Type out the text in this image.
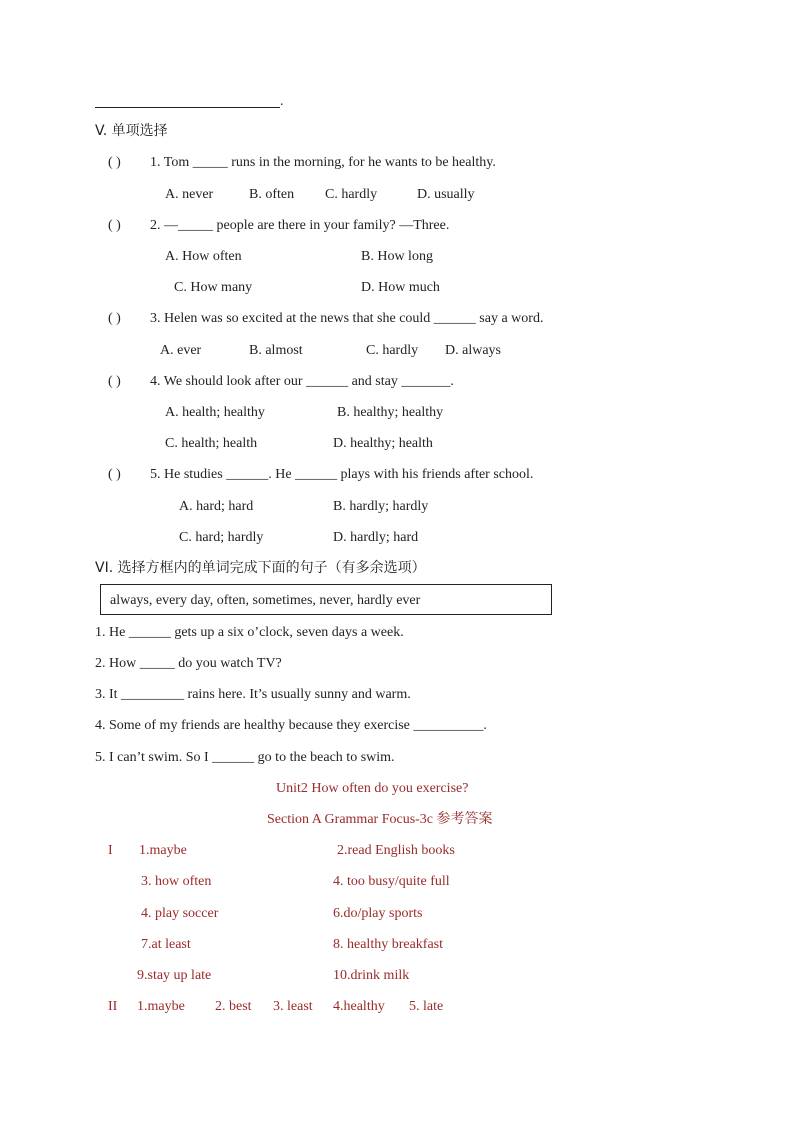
.
V. 单项选择
( ) 1. Tom _____ runs in the morning, for he wants to be healthy.
A. never	B. often C. hardly	D. usually
( ) 2. —_____ people are there in your family? —Three.
A. How often	B. How long
C. How many	D. How much
( ) 3. Helen was so excited at the news that she could ______ say a word.
A. ever	B. almost	C. hardly D. always
( ) 4. We should look after our ______ and stay _______.
A. health; healthy	B. healthy; healthy
C. health; health	D. healthy; health
( ) 5. He studies ______. He ______ plays with his friends after school.
A. hard; hard	B. hardly; hardly
C. hard; hardly	D. hardly; hard
VI. 选择方框内的单词完成下面的句子（有多余选项）
always, every day, often, sometimes, never, hardly ever
1. He ______ gets up a six o’clock, seven days a week.
2. How _____ do you watch TV?
3. It _________ rains here. It’s usually sunny and warm.
4. Some of my friends are healthy because they exercise __________.
5. I can’t swim. So I ______ go to the beach to swim.
Unit2 How often do you exercise?
Section A Grammar Focus-3c 参考答案
I 1.maybe	2.read English books
3. how often	4. too busy/quite full
4. play soccer	6.do/play sports
7.at least	8. healthy breakfast
9.stay up late	10.drink milk
II 1.maybe 2. best 3. least 4.healthy 5. late
